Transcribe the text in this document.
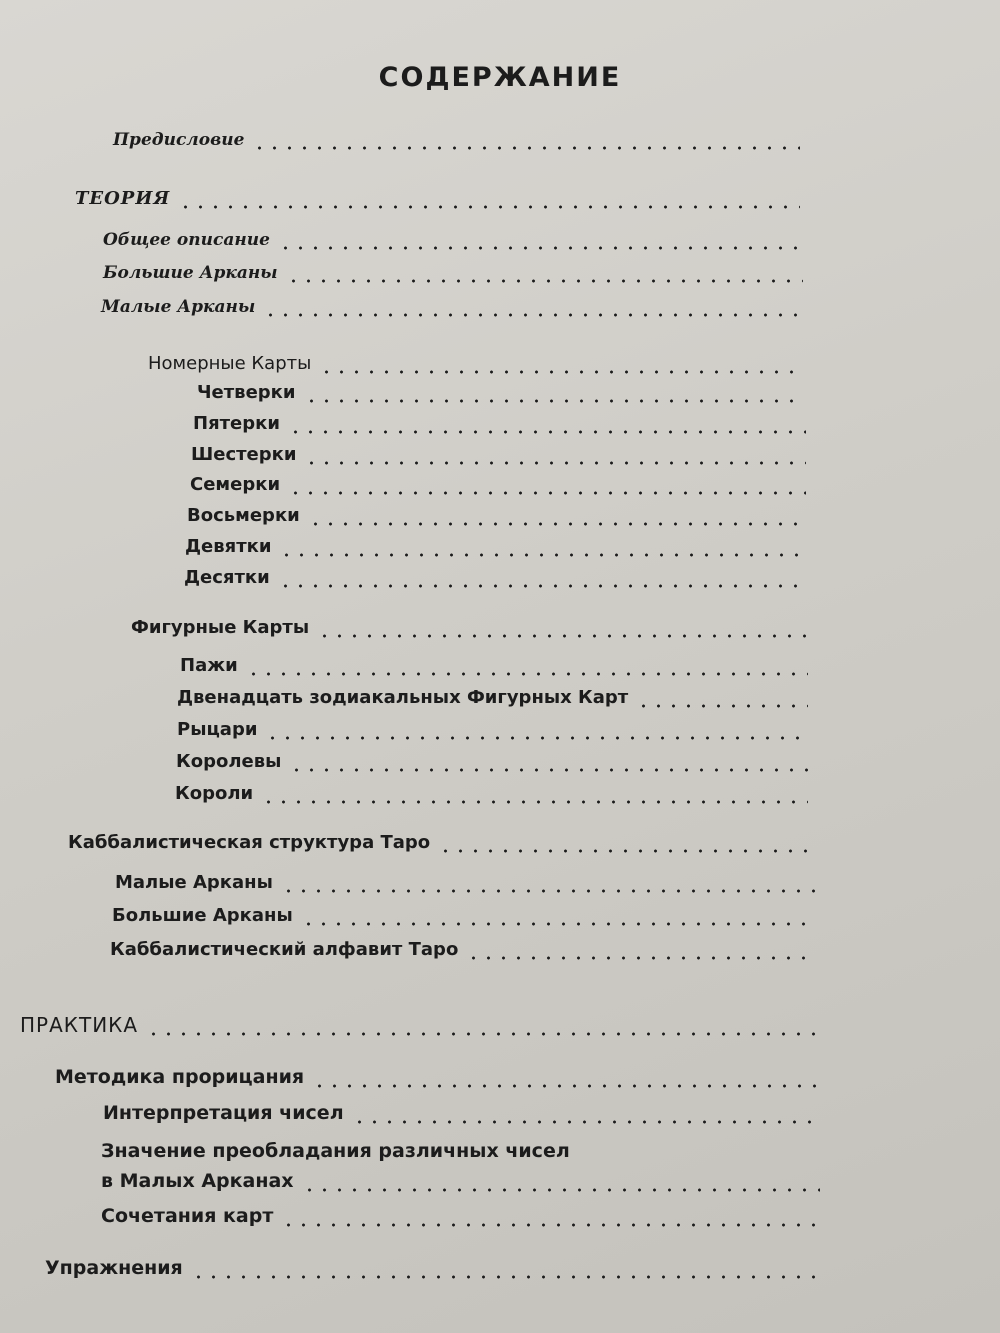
СОДЕРЖАНИЕ
Предисловие
ТЕОРИЯ
Общее описание
Большие Арканы
Малые Арканы
Номерные Карты
Четверки
Пятерки
Шестерки
Семерки
Восьмерки
Девятки
Десятки
Фигурные Карты
Пажи
Двенадцать зодиакальных Фигурных Карт
Рыцари
Королевы
Короли
Каббалистическая структура Таро
Малые Арканы
Большие Арканы
Каббалистический алфавит Таро
ПРАКТИКА
Методика прорицания
Интерпретация чисел
Значение преобладания различных чисел
в Малых Арканах
Сочетания карт
Упражнения
